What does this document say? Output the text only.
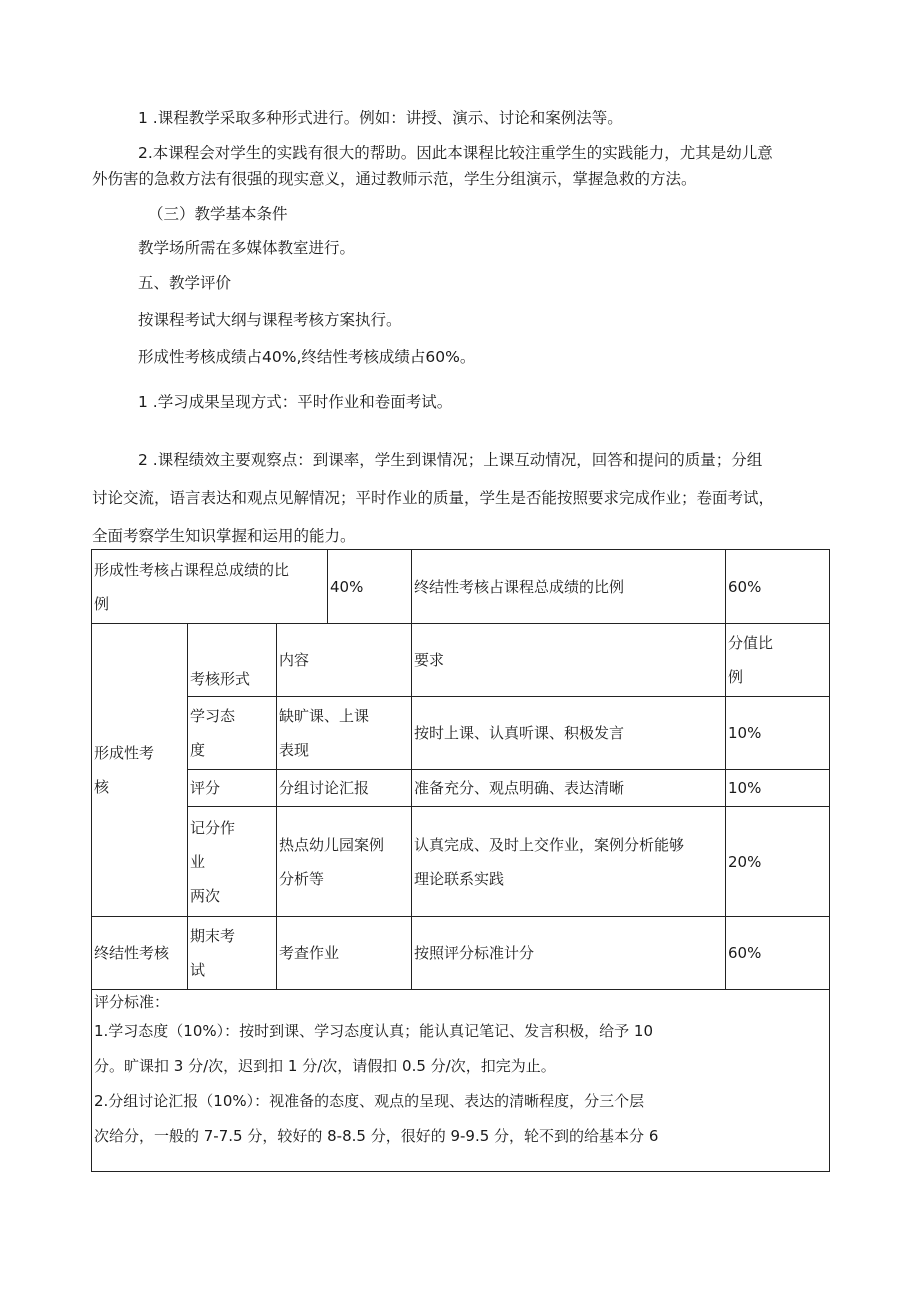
1 .课程教学采取多种形式进行。例如：讲授、演示、讨论和案例法等。

2.本课程会对学生的实践有很大的帮助。因此本课程比较注重学生的实践能力，尤其是幼儿意
外伤害的急救方法有很强的现实意义，通过教师示范，学生分组演示，掌握急救的方法。

（三）教学基本条件

教学场所需在多媒体教室进行。

五、教学评价

按课程考试大纲与课程考核方案执行。

形成性考核成绩占40%,终结性考核成绩占60%。

1 .学习成果呈现方式：平时作业和卷面考试。

2 .课程绩效主要观察点：到课率，学生到课情况；上课互动情况，回答和提问的质量；分组
讨论交流，语言表达和观点见解情况；平时作业的质量，学生是否能按照要求完成作业；卷面考试，
全面考察学生知识掌握和运用的能力。
形成性考核占课程总成绩的比
例			40%	终结性考核占课程总成绩的比例	60%

形成性考
核	考核形式	内容		要求	分值比
例

	学习态
度	缺旷课、上课
表现		按时上课、认真听课、积极发言	10%
	评分	分组讨论汇报		准备充分、观点明确、表达清晰	10%

	记分作
业
两次	热点幼儿园案例
分析等		认真完成、及时上交作业，案例分析能够
理论联系实践	20%
终结性考核	期末考
试	考查作业		按照评分标准计分	60%

评分标准：
1.学习态度（10%）：按时到课、学习态度认真；能认真记笔记、发言积极，给予 10
分。旷课扣 3 分/次，迟到扣 1 分/次，请假扣 0.5 分/次，扣完为止。
2.分组讨论汇报（10%）：视准备的态度、观点的呈现、表达的清晰程度，分三个层
次给分，一般的 7-7.5 分，较好的 8-8.5 分，很好的 9-9.5 分，轮不到的给基本分 6					
